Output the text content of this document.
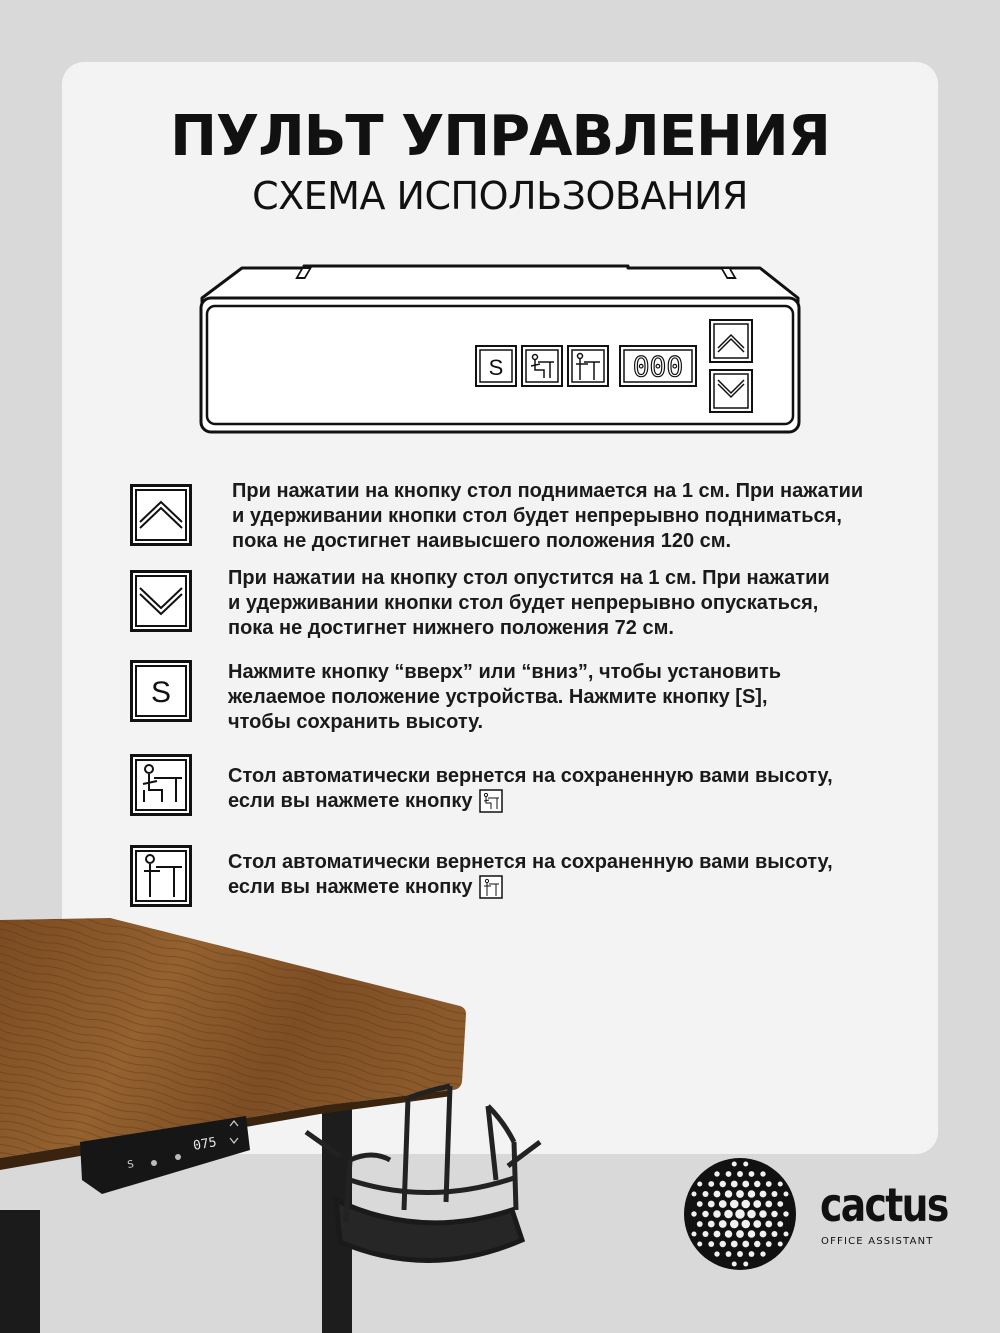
ПУЛЬТ УПРАВЛЕНИЯ
СХЕМА ИСПОЛЬЗОВАНИЯ
S	000
При нажатии на кнопку стол поднимается на 1 см. При нажатии
и удерживании кнопки стол будет непрерывно подниматься,
пока не достигнет наивысшего положения 120 см.
При нажатии на кнопку стол опустится на 1 см. При нажатии
и удерживании кнопки стол будет непрерывно опускаться,
пока не достигнет нижнего положения 72 см.
S
Нажмите кнопку “вверх” или “вниз”, чтобы установить
желаемое положение устройства. Нажмите кнопку [S],
чтобы сохранить высоту.
Стол автоматически вернется на сохраненную вами высоту,
если вы нажмете кнопку
Стол автоматически вернется на сохраненную вами высоту,
если вы нажмете кнопку
S
075
cactus
OFFICE ASSISTANT
